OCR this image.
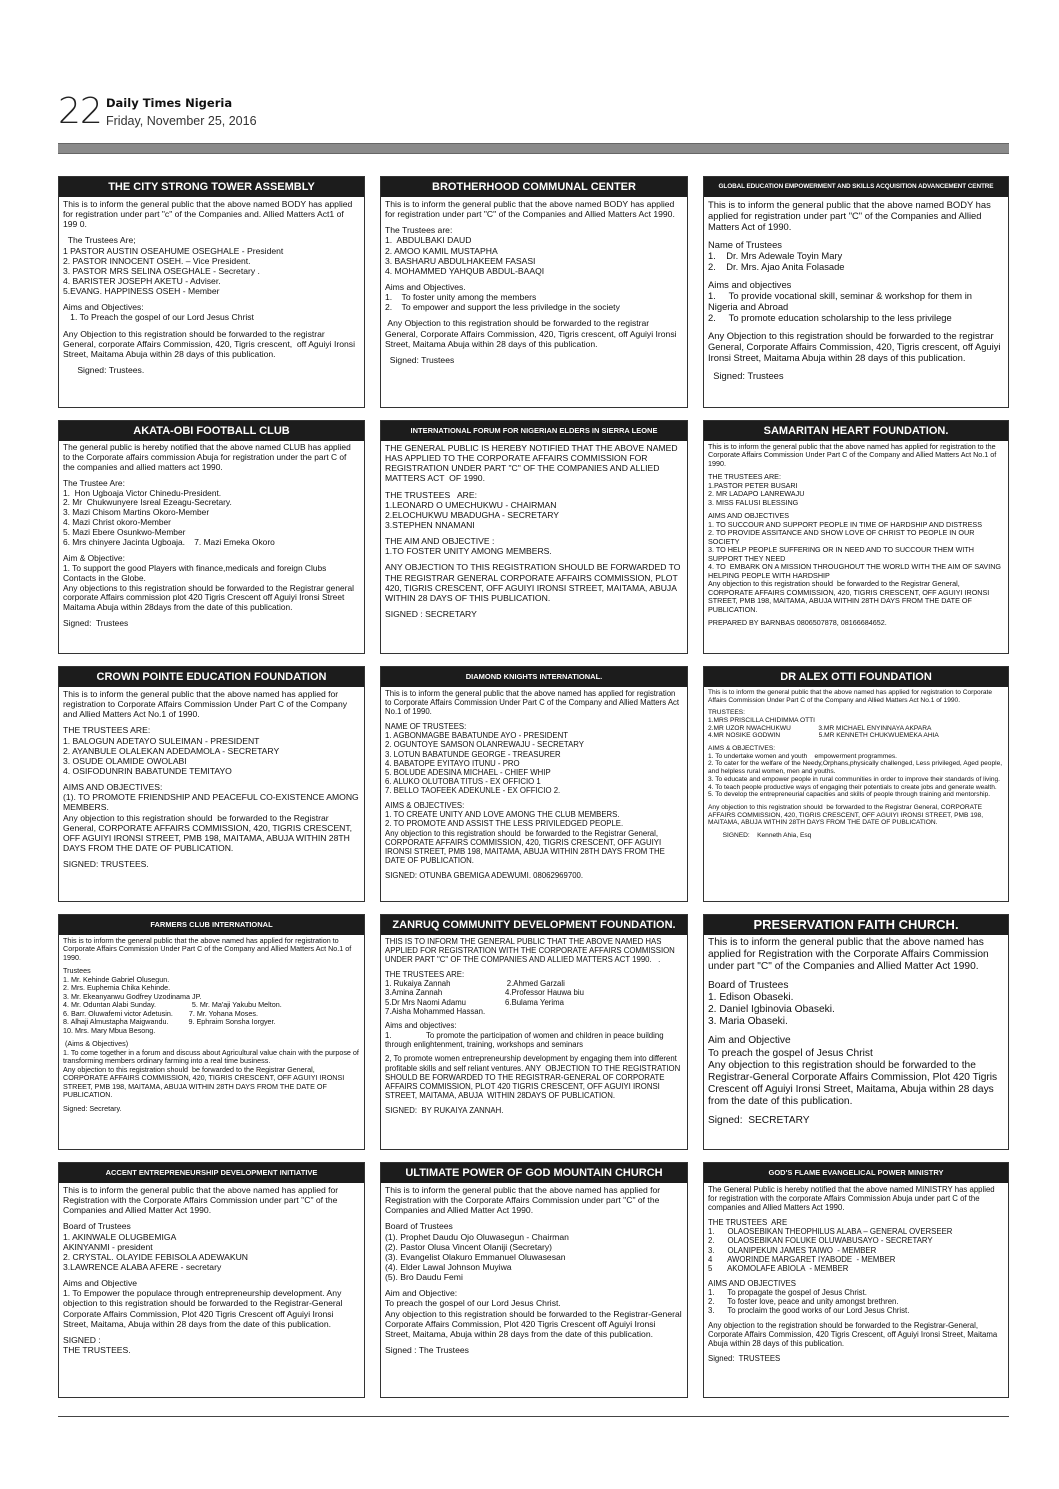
22 Daily Times Nigeria
Friday, November 25, 2016
THE CITY STRONG TOWER ASSEMBLY
This is to inform the general public that the above named BODY has applied for registration under part "c" of the Companies and. Allied Matters Act1 of 199 0.
The Trustees Are;
1 PASTOR AUSTIN OSEAHUME OSEGHALE - President
2. PASTOR INNOCENT OSEH. – Vice President.
3. PASTOR MRS SELINA OSEGHALE - Secretary .
4. BARISTER JOSEPH AKETU - Adviser.
5.EVANG. HAPPINESS OSEH - Member
Aims and Objectives:
1. To Preach the gospel of our Lord Jesus Christ
Any Objection to this registration should be forwarded to the registrar General, corporate Affairs Commission, 420, Tigris crescent,  off Aguiyi Ironsi Street, Maitama Abuja within 28 days of this publication.
Signed: Trustees.
BROTHERHOOD COMMUNAL CENTER
This is to inform the general public that the above named BODY has applied for registration under part "C" of the Companies and Allied Matters Act 1990.
The Trustees are:
1.  ABDULBAKI DAUD
2. AMOO KAMIL MUSTAPHA
3. BASHARU ABDULHAKEEM FASASI
4. MOHAMMED YAHQUB ABDUL-BAAQI
Aims and Objectives.
1.    To foster unity among the members
2.    To empower and support the less priviledge in the society
Any Objection to this registration should be forwarded to the registrar General, Corporate Affairs Commission, 420, Tigris crescent, off Aguiyi Ironsi Street, Maitama Abuja within 28 days of this publication.
Signed: Trustees
GLOBAL EDUCATION EMPOWERMENT AND SKILLS ACQUISITION ADVANCEMENT CENTRE
This is to inform the general public that the above named BODY has applied for registration under part "C" of the Companies and Allied Matters Act of 1990.
Name of Trustees
1.    Dr. Mrs Adewale Toyin Mary
2.    Dr. Mrs. Ajao Anita Folasade
Aims and objectives
1.     To provide vocational skill, seminar & workshop for them in Nigeria and Abroad
2.     To promote education scholarship to the less privilege
Any Objection to this registration should be forwarded to the registrar General, Corporate Affairs Commission, 420, Tigris crescent, off Aguiyi Ironsi Street, Maitama Abuja within 28 days of this publication.
Signed: Trustees
AKATA-OBI FOOTBALL CLUB
The general public is hereby notified that the above named CLUB has applied to the Corporate affairs commission Abuja for registration under the part C of the companies and allied matters act 1990.
The Trustee Are:
1.  Hon Ugboaja Victor Chinedu-President.
2. Mr  Chukwunyere Isreal Ezeagu-Secretary.
3. Mazi Chisom Martins Okoro-Member
4. Mazi Christ okoro-Member
5. Mazi Ebere Osunkwo-Member
6. Mrs chinyere Jacinta Ugboaja.    7. Mazi Emeka Okoro
Aim & Objective:
1. To support the good Players with finance,medicals and foreign Clubs Contacts in the Globe.
Any objections to this registration should be forwarded to the Registrar general corporate Affairs commission plot 420 Tigris Crescent off Aguiyi Ironsi Street Maitama Abuja within 28days from the date of this publication.
Signed:  Trustees
INTERNATIONAL FORUM FOR NIGERIAN ELDERS IN SIERRA LEONE
THE GENERAL PUBLIC IS HEREBY NOTIFIED THAT THE ABOVE NAMED HAS APPLIED TO THE CORPORATE AFFAIRS COMMISSION FOR REGISTRATION UNDER PART "C" OF THE COMPANIES AND ALLIED MATTERS ACT  OF 1990.
THE TRUSTEES   ARE:
1.LEONARD O UMECHUKWU - CHAIRMAN
2.ELOCHUKWU MBADUGHA - SECRETARY
3.STEPHEN NNAMANI
THE AIM AND OBJECTIVE :
1.TO FOSTER UNITY AMONG MEMBERS.
ANY OBJECTION TO THIS REGISTRATION SHOULD BE FORWARDED TO THE REGISTRAR GENERAL CORPORATE AFFAIRS COMMISSION, PLOT 420, TIGRIS CRESCENT, OFF AGUIYI IRONSI STREET, MAITAMA, ABUJA WITHIN 28 DAYS OF THIS PUBLICATION.
SIGNED : SECRETARY
SAMARITAN HEART FOUNDATION.
This is to inform the general public that the above named has applied for registration to the Corporate Affairs Commission Under Part C of the Company and Allied Matters Act No.1 of 1990.
THE TRUSTEES ARE:
1.PASTOR PETER BUSARI
2. MR LADAPO LANREWAJU
3. MISS FALUSI BLESSING
AIMS AND OBJECTIVES
1. TO SUCCOUR AND SUPPORT PEOPLE IN TIME OF HARDSHIP AND DISTRESS
2. TO PROVIDE ASSITANCE AND SHOW LOVE OF CHRIST TO PEOPLE IN OUR SOCIETY
3. TO HELP PEOPLE SUFFERING OR IN NEED AND TO SUCCOUR THEM WITH SUPPORT THEY NEED
4. TO  EMBARK ON A MISSION THROUGHOUT THE WORLD WITH THE AIM OF SAVING HELPING PEOPLE WITH HARDSHIP
Any objection to this registration should  be forwarded to the Registrar General, CORPORATE AFFAIRS COMMISSION, 420, TIGRIS CRESCENT, OFF AGUIYI IRONSI STREET, PMB 198, MAITAMA, ABUJA WITHIN 28TH DAYS FROM THE DATE OF PUBLICATION.
PREPARED BY BARNBAS 0806507878, 08166684652.
CROWN POINTE EDUCATION FOUNDATION
This is to inform the general public that the above named has applied for registration to Corporate Affairs Commission Under Part C of the Company and Allied Matters Act No.1 of 1990.
THE TRUSTEES ARE:
1. BALOGUN ADETAYO SULEIMAN - PRESIDENT
2. AYANBULE OLALEKAN ADEDAMOLA - SECRETARY
3. OSUDE OLAMIDE OWOLABI
4. OSIFODUNRIN BABATUNDE TEMITAYO
AIMS AND OBJECTIVES:
(1). TO PROMOTE FRIENDSHIP AND PEACEFUL CO-EXISTENCE AMONG MEMBERS.
Any objection to this registration should  be forwarded to the Registrar General, CORPORATE AFFAIRS COMMISSION, 420, TIGRIS CRESCENT, OFF AGUIYI IRONSI STREET, PMB 198, MAITAMA, ABUJA WITHIN 28TH DAYS FROM THE DATE OF PUBLICATION.
SIGNED: TRUSTEES.
DIAMOND KNIGHTS INTERNATIONAL.
This is to inform the general public that the above named has applied for registration to Corporate Affairs Commission Under Part C of the Company and Allied Matters Act No.1 of 1990.
NAME OF TRUSTEES:
1. AGBONMAGBE BABATUNDE AYO - PRESIDENT
2. OGUNTOYE SAMSON OLANREWAJU - SECRETARY
3. LOTUN BABATUNDE GEORGE - TREASURER
4. BABATOPE EYITAYO ITUNU - PRO
5. BOLUDE ADESINA MICHAEL - CHIEF WHIP
6. ALUKO OLUTOBA TITUS - EX OFFICIO 1
7. BELLO TAOFEEK ADEKUNLE - EX OFFICIO 2.
AIMS & OBJECTIVES:
1. TO CREATE UNITY AND LOVE AMONG THE CLUB MEMBERS.
2. TO PROMOTE AND ASSIST THE LESS PRIVILEDGED PEOPLE.
Any objection to this registration should  be forwarded to the Registrar General, CORPORATE AFFAIRS COMMISSION, 420, TIGRIS CRESCENT, OFF AGUIYI IRONSI STREET, PMB 198, MAITAMA, ABUJA WITHIN 28TH DAYS FROM THE DATE OF PUBLICATION.
SIGNED: OTUNBA GBEMIGA ADEWUMI. 08062969700.
DR ALEX OTTI FOUNDATION
This is to inform the general public that the above named has applied for registration to Corporate Affairs Commission Under Part C of the Company and Allied Matters Act No.1 of 1990.
TRUSTEES:
1.MRS PRISCILLA CHIDIMMA OTTI
2.MR UZOR NWACHUKWU               3.MR MICHAEL ENYINNAYA AKPARA
4.MR NOSIKE GODWIN                     5.MR KENNETH CHUKWUEMEKA AHIA
AIMS & OBJECTIVES:
1. To undertake women and youth    empowerment programmes.
2. To cater for the welfare of the Needy,Orphans,physically challenged, Less privileged, Aged people, and helpless rural women, men and youths.
3. To educate and empower people in rural communities in order to improve their standards of living.
4. To teach people productive ways of engaging their potentials to create jobs and generate wealth.
5. To develop the entrepreneurial capacities and skills of people through training and mentorship.
Any objection to this registration should  be forwarded to the Registrar General, CORPORATE AFFAIRS COMMISSION, 420, TIGRIS CRESCENT, OFF AGUIYI IRONSI STREET, PMB 198, MAITAMA, ABUJA WITHIN 28TH DAYS FROM THE DATE OF PUBLICATION.
SIGNED:    Kenneth Ahia, Esq
FARMERS CLUB INTERNATIONAL
This is to inform the general public that the above named has applied for registration to Corporate Affairs Commission Under Part C of the Company and Allied Matters Act No.1 of 1990.
Trustees
1. Mr. Kehinde Gabriel Olusegun.
2. Mrs. Euphemia Chika Kehinde.
3. Mr. Ekeanyanwu Godfrey Uzodinama JP.
4. Mr. Oduntan Alabi Sunday.                  5. Mr. Ma'aji Yakubu Melton.
6. Barr. Oluwafemi victor Adetusin.        7. Mr. Yohana Moses.
8. Alhaji Almustapha Maigwandu.          9. Ephraim Sonsha Iorgyer.
10. Mrs. Mary Mbua Besong.
(Aims & Objectives)
1. To come together in a forum and discuss about Agricultural value chain with the purpose of transforming members ordinary farming into a real time business.
Any objection to this registration should  be forwarded to the Registrar General, CORPORATE AFFAIRS COMMISSION, 420, TIGRIS CRESCENT, OFF AGUIYI IRONSI STREET, PMB 198, MAITAMA, ABUJA WITHIN 28TH DAYS FROM THE DATE OF PUBLICATION.
Signed: Secretary.
ZANRUQ COMMUNITY DEVELOPMENT FOUNDATION.
THIS IS TO INFORM THE GENERAL PUBLIC THAT THE ABOVE NAMED HAS APPLIED FOR REGISTRATION WITH THE CORPORATE AFFAIRS COMMISSION UNDER PART "C" OF THE COMPANIES AND ALLIED MATTERS ACT 1990.   .
THE TRUSTEES ARE:
1. Rukaiya Zannah                          2.Ahmed Garzali
3.Amina Zannah                             4.Professor Hauwa biu
5.Dr Mrs Naomi Adamu                  6.Bulama Yerima
7.Aisha Mohammed Hassan.
Aims and objectives:
1.                To promote the participation of women and children in peace building through enlightenment, training, workshops and seminars
2, To promote women entrepreneurship development by engaging them into different profitable skills and self reliant ventures. ANY  OBJECTION TO THE REGISTRATION SHOULD BE FORWARDED TO THE REGISTRAR-GENERAL OF CORPORATE AFFAIRS COMMISSION, PLOT 420 TIGRIS CRESCENT, OFF AGUIYI IRONSI STREET, MAITAMA, ABUJA  WITHIN 28DAYS OF PUBLICATION.
SIGNED:  BY RUKAIYA ZANNAH.
PRESERVATION FAITH CHURCH.
This is to inform the general public that the above named has applied for Registration with the Corporate Affairs Commission under part "C" of the Companies and Allied Matter Act 1990.
Board of Trustees
1. Edison Obaseki.
2. Daniel Igbinovia Obaseki.
3. Maria Obaseki.
Aim and Objective
To preach the gospel of Jesus Christ
Any objection to this registration should be forwarded to the Registrar-General Corporate Affairs Commission, Plot 420 Tigris Crescent off Aguiyi Ironsi Street, Maitama, Abuja within 28 days from the date of this publication.
Signed:  SECRETARY
ACCENT ENTREPRENEURSHIP DEVELOPMENT INITIATIVE
This is to inform the general public that the above named has applied for Registration with the Corporate Affairs Commission under part "C" of the Companies and Allied Matter Act 1990.
Board of Trustees
1. AKINWALE OLUGBEMIGA
AKINYANMI - president
2. CRYSTAL. OLAYIDE FEBISOLA ADEWAKUN
3.LAWRENCE ALABA AFERE - secretary
Aims and Objective
1. To Empower the populace through entrepreneurship development. Any objection to this registration should be forwarded to the Registrar-General Corporate Affairs Commission, Plot 420 Tigris Crescent off Aguiyi Ironsi Street, Maitama, Abuja within 28 days from the date of this publication.
SIGNED :
THE TRUSTEES.
ULTIMATE POWER OF GOD MOUNTAIN CHURCH
This is to inform the general public that the above named has applied for Registration with the Corporate Affairs Commission under part "C" of the Companies and Allied Matter Act 1990.
Board of Trustees
(1). Prophet Daudu Ojo Oluwasegun - Chairman
(2). Pastor Olusa Vincent Olaniji (Secretary)
(3). Evangelist Olakuro Emmanuel Oluwasesan
(4). Elder Lawal Johnson Muyiwa
(5). Bro Daudu Femi
Aim and Objective:
To preach the gospel of our Lord Jesus Christ.
Any objection to this registration should be forwarded to the Registrar-General Corporate Affairs Commission, Plot 420 Tigris Crescent off Aguiyi Ironsi Street, Maitama, Abuja within 28 days from the date of this publication.
Signed : The Trustees
GOD'S FLAME EVANGELICAL POWER MINISTRY
The General Public is hereby notified that the above named MINISTRY has applied for registration with the corporate Affairs Commission Abuja under part C of the companies and Allied Matters Act 1990.
THE TRUSTEES  ARE
1.      OLAOSEBIKAN THEOPHILUS ALABA – GENERAL OVERSEER
2.      OLAOSEBIKAN FOLUKE OLUWABUSAYO - SECRETARY
3.      OLANIPEKUN JAMES TAIWO  - MEMBER
4       AWORINDE MARGARET IYABODE  - MEMBER
5       AKOMOLAFE ABIOLA  - MEMBER
AIMS AND OBJECTIVES
1.      To propagate the gospel of Jesus Christ.
2.      To foster love, peace and unity amongst brethren.
3.      To proclaim the good works of our Lord Jesus Christ.
Any objection to the registration should be forwarded to the Registrar-General, Corporate Affairs Commission, 420 Tigris Crescent, off Aguiyi Ironsi Street, Maitama Abuja within 28 days of this publication.
Signed:  TRUSTEES
